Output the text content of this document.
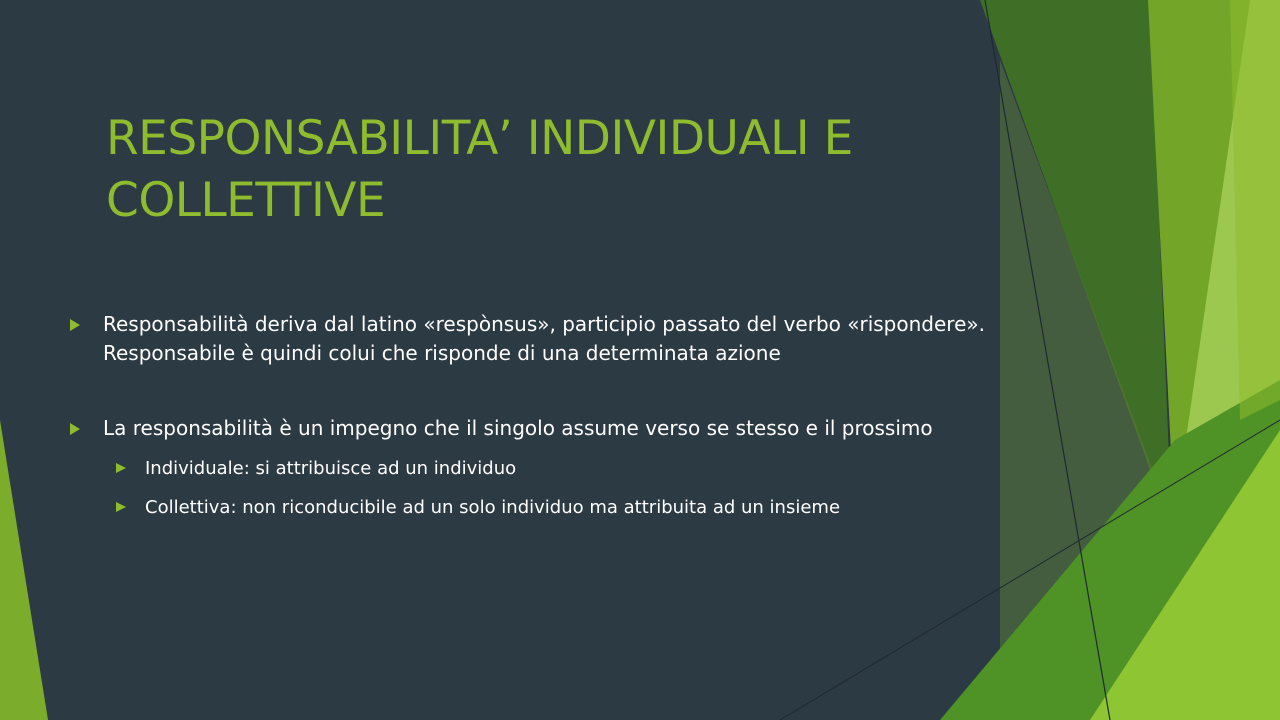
RESPONSABILITA’ INDIVIDUALI E
COLLETTIVE
Responsabilità deriva dal latino «respònsus», participio passato del verbo «rispondere».
Responsabile è quindi colui che risponde di una determinata azione
La responsabilità è un impegno che il singolo assume verso se stesso e il prossimo
Individuale: si attribuisce ad un individuo
Collettiva: non riconducibile ad un solo individuo ma attribuita ad un insieme
